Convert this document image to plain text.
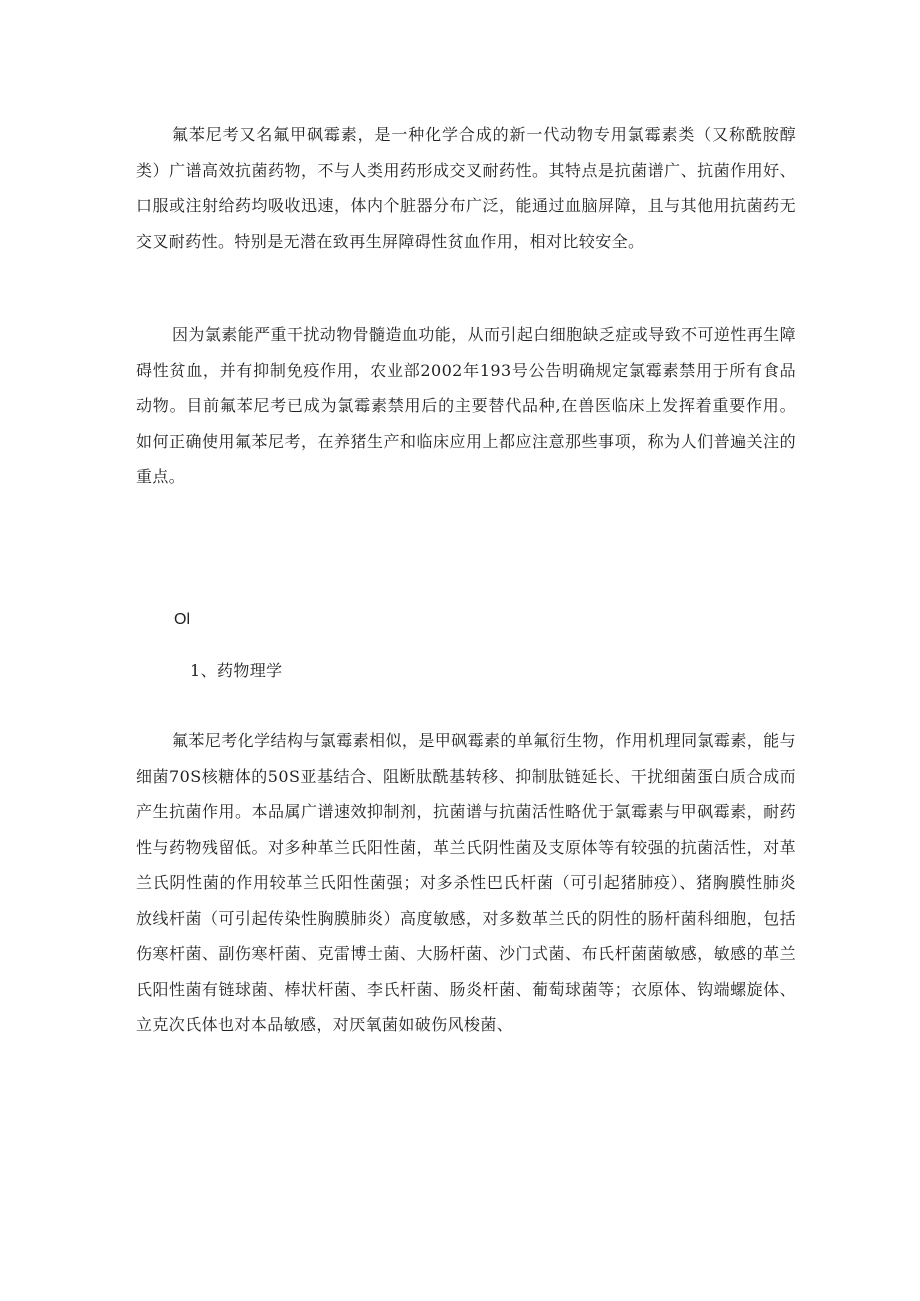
氟苯尼考又名氟甲砜霉素，是一种化学合成的新一代动物专用氯霉素类（又称酰胺醇类）广谱高效抗菌药物，不与人类用药形成交叉耐药性。其特点是抗菌谱广、抗菌作用好、口服或注射给药均吸收迅速，体内个脏器分布广泛，能通过血脑屏障，且与其他用抗菌药无交叉耐药性。特别是无潜在致再生屏障碍性贫血作用，相对比较安全。

因为氯素能严重干扰动物骨髓造血功能，从而引起白细胞缺乏症或导致不可逆性再生障碍性贫血，并有抑制免疫作用，农业部2002年193号公告明确规定氯霉素禁用于所有食品动物。目前氟苯尼考已成为氯霉素禁用后的主要替代品种,在兽医临床上发挥着重要作用。如何正确使用氟苯尼考，在养猪生产和临床应用上都应注意那些事项，称为人们普遍关注的重点。

Ol

1、药物理学

氟苯尼考化学结构与氯霉素相似，是甲砜霉素的单氟衍生物，作用机理同氯霉素，能与细菌70S核糖体的50S亚基结合、阻断肽酰基转移、抑制肽链延长、干扰细菌蛋白质合成而产生抗菌作用。本品属广谱速效抑制剂，抗菌谱与抗菌活性略优于氯霉素与甲砜霉素，耐药性与药物残留低。对多种革兰氏阳性菌，革兰氏阴性菌及支原体等有较强的抗菌活性，对革兰氏阴性菌的作用较革兰氏阳性菌强；对多杀性巴氏杆菌（可引起猪肺疫）、猪胸膜性肺炎放线杆菌（可引起传染性胸膜肺炎）高度敏感，对多数革兰氏的阴性的肠杆菌科细胞，包括伤寒杆菌、副伤寒杆菌、克雷博士菌、大肠杆菌、沙门式菌、布氏杆菌菌敏感，敏感的革兰氏阳性菌有链球菌、棒状杆菌、李氏杆菌、肠炎杆菌、葡萄球菌等；衣原体、钩端螺旋体、立克次氏体也对本品敏感，对厌氧菌如破伤风梭菌、
